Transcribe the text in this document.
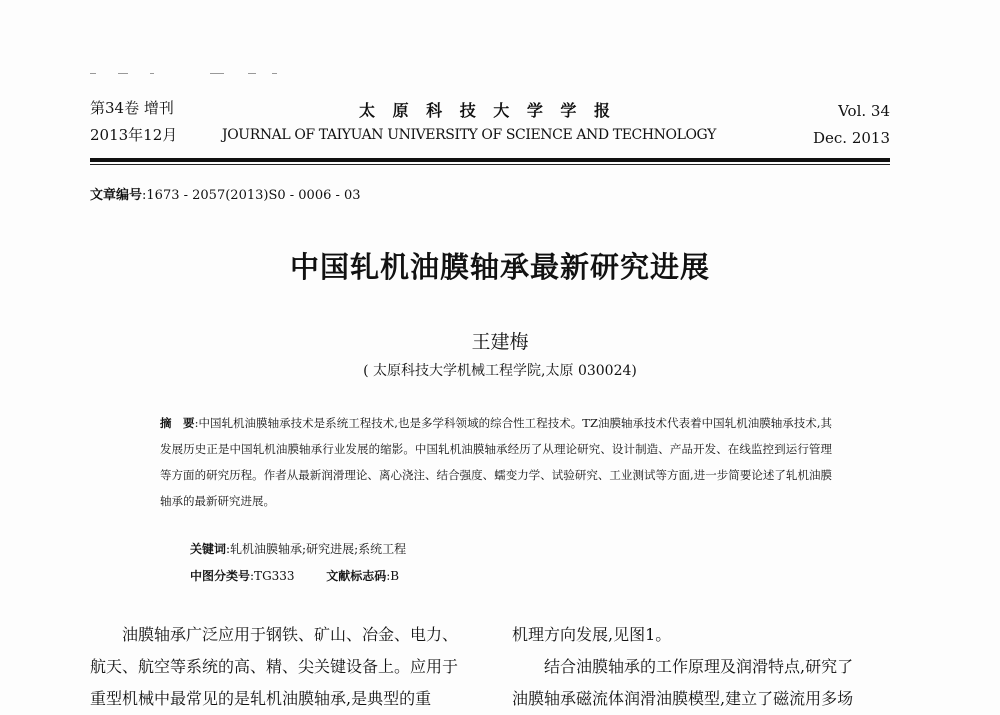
第34卷 增刊
2013年12月
太 原 科 技 大 学 学 报
JOURNAL OF TAIYUAN UNIVERSITY OF SCIENCE AND TECHNOLOGY
Vol. 34
Dec. 2013
文章编号:1673 - 2057(2013)S0 - 0006 - 03
中国轧机油膜轴承最新研究进展
王建梅
( 太原科技大学机械工程学院,太原 030024)
摘　要:中国轧机油膜轴承技术是系统工程技术,也是多学科领域的综合性工程技术。TZ油膜轴承技术代表着中国轧机油膜轴承技术,其发展历史正是中国轧机油膜轴承行业发展的缩影。中国轧机油膜轴承经历了从理论研究、设计制造、产品开发、在线监控到运行管理等方面的研究历程。作者从最新润滑理论、离心浇注、结合强度、蠕变力学、试验研究、工业测试等方面,进一步简要论述了轧机油膜轴承的最新研究进展。
关键词:轧机油膜轴承;研究进展;系统工程
中图分类号:TG333	文献标志码:B
油膜轴承广泛应用于钢铁、矿山、冶金、电力、
航天、航空等系统的高、精、尖关键设备上。应用于
重型机械中最常见的是轧机油膜轴承,是典型的重
机理方向发展,见图1。
结合油膜轴承的工作原理及润滑特点,研究了
油膜轴承磁流体润滑油膜模型,建立了磁流用多场
